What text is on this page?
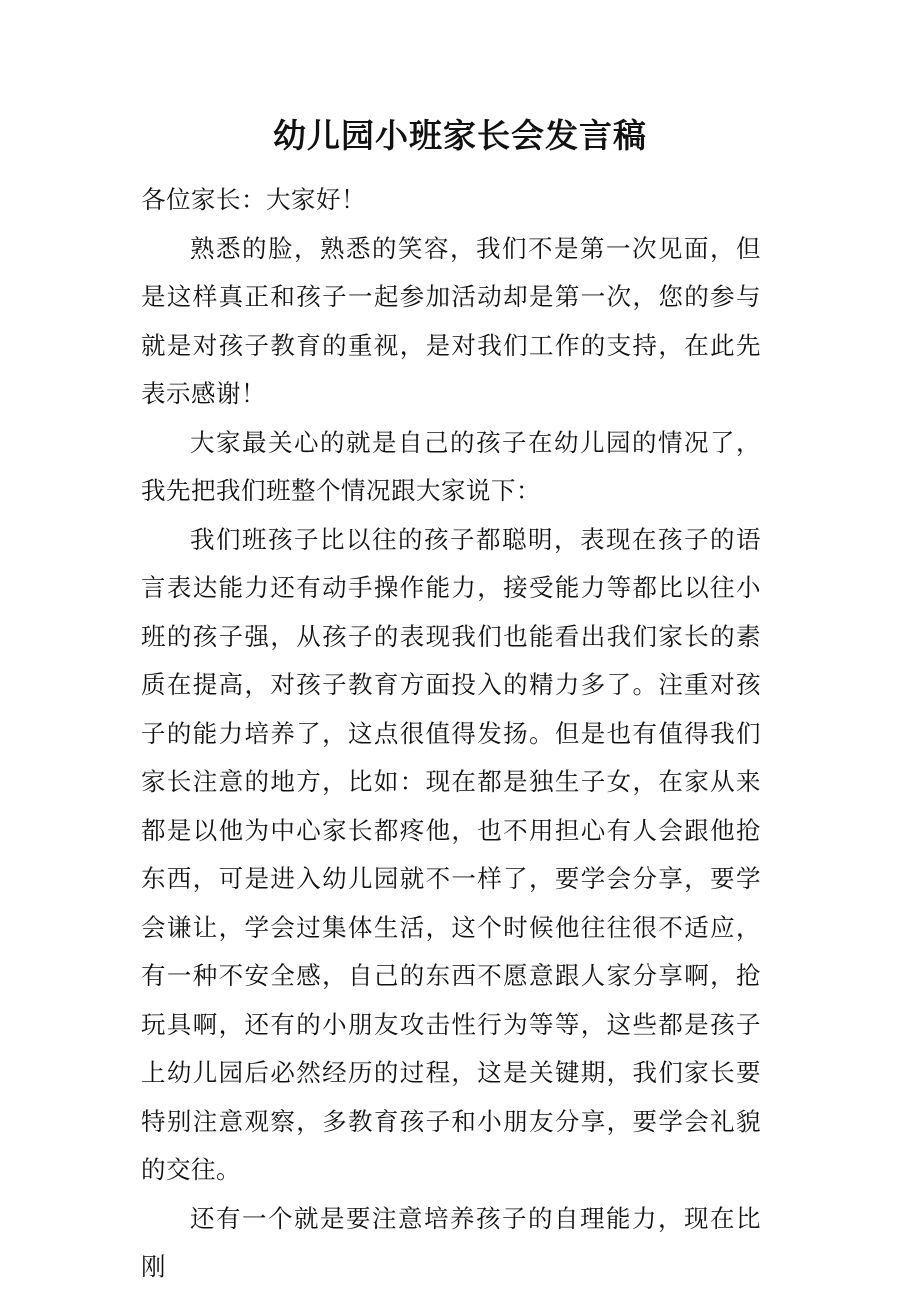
幼儿园小班家长会发言稿

各位家长：大家好！

熟悉的脸，熟悉的笑容，我们不是第一次见面，但是这样真正和孩子一起参加活动却是第一次，您的参与就是对孩子教育的重视，是对我们工作的支持，在此先表示感谢！

大家最关心的就是自己的孩子在幼儿园的情况了，我先把我们班整个情况跟大家说下：

我们班孩子比以往的孩子都聪明，表现在孩子的语言表达能力还有动手操作能力，接受能力等都比以往小班的孩子强，从孩子的表现我们也能看出我们家长的素质在提高，对孩子教育方面投入的精力多了。注重对孩子的能力培养了，这点很值得发扬。但是也有值得我们家长注意的地方，比如：现在都是独生子女，在家从来都是以他为中心家长都疼他，也不用担心有人会跟他抢东西，可是进入幼儿园就不一样了，要学会分享，要学会谦让，学会过集体生活，这个时候他往往很不适应，有一种不安全感，自己的东西不愿意跟人家分享啊，抢玩具啊，还有的小朋友攻击性行为等等，这些都是孩子上幼儿园后必然经历的过程，这是关键期，我们家长要特别注意观察，多教育孩子和小朋友分享，要学会礼貌的交往。

还有一个就是要注意培养孩子的自理能力，现在比刚
